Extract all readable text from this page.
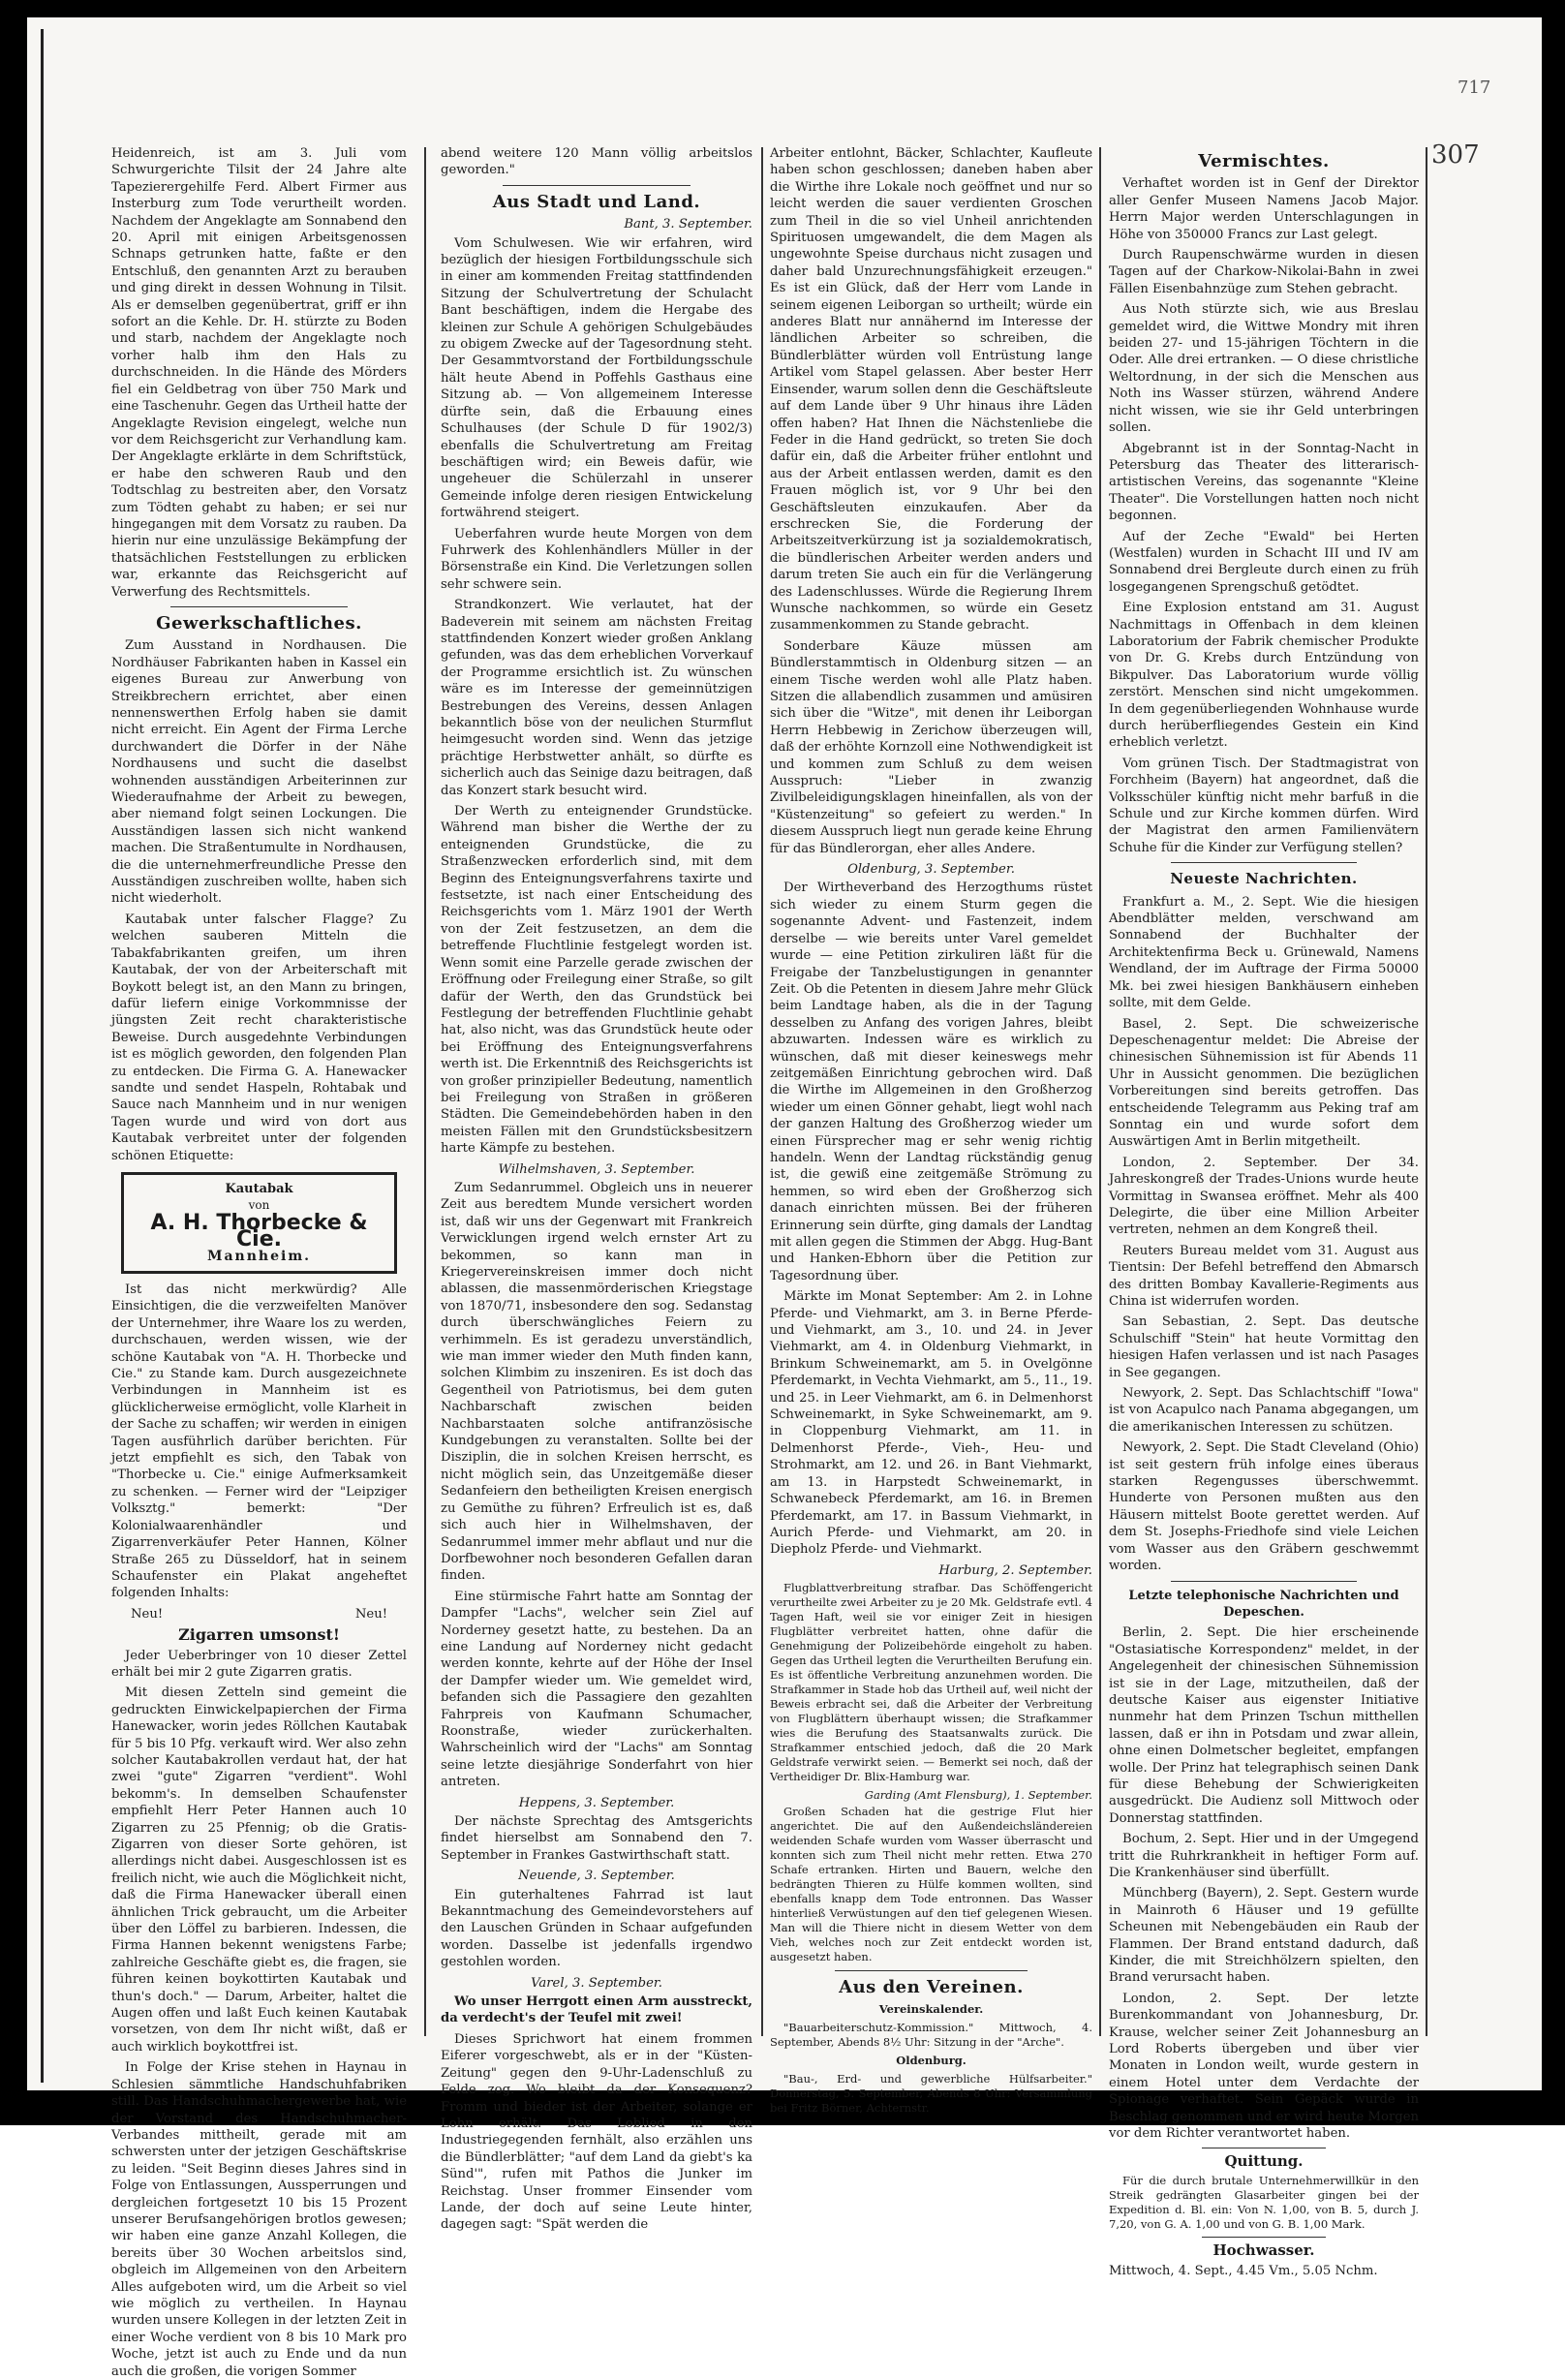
717
307

Heidenreich, ist am 3. Juli vom Schwurgerichte Tilsit der 24 Jahre alte Tapezierergehilfe Ferd. Albert Firmer aus Insterburg zum Tode verurtheilt worden. Nachdem der Angeklagte am Sonnabend den 20. April mit einigen Arbeitsgenossen Schnaps getrunken hatte, faßte er den Entschluß, den genannten Arzt zu berauben und ging direkt in dessen Wohnung in Tilsit. Als er demselben gegenübertrat, griff er ihn sofort an die Kehle. Dr. H. stürzte zu Boden und starb, nachdem der Angeklagte noch vorher halb ihm den Hals zu durchschneiden. In die Hände des Mörders fiel ein Geldbetrag von über 750 Mark und eine Taschenuhr. Gegen das Urtheil hatte der Angeklagte Revision eingelegt, welche nun vor dem Reichsgericht zur Verhandlung kam. Der Angeklagte erklärte in dem Schriftstück, er habe den schweren Raub und den Todtschlag zu bestreiten aber, den Vorsatz zum Tödten gehabt zu haben; er sei nur hingegangen mit dem Vorsatz zu rauben. Da hierin nur eine unzulässige Bekämpfung der thatsächlichen Feststellungen zu erblicken war, erkannte das Reichsgericht auf Verwerfung des Rechtsmittels.

Gewerkschaftliches.

Zum Ausstand in Nordhausen. Die Nordhäuser Fabrikanten haben in Kassel ein eigenes Bureau zur Anwerbung von Streikbrechern errichtet, aber einen nennenswerthen Erfolg haben sie damit nicht erreicht. Ein Agent der Firma Lerche durchwandert die Dörfer in der Nähe Nordhausens und sucht die daselbst wohnenden ausständigen Arbeiterinnen zur Wiederaufnahme der Arbeit zu bewegen, aber niemand folgt seinen Lockungen. Die Ausständigen lassen sich nicht wankend machen. Die Straßentumulte in Nordhausen, die die unternehmerfreundliche Presse den Ausständigen zuschreiben wollte, haben sich nicht wiederholt.

Kautabak unter falscher Flagge? Zu welchen sauberen Mitteln die Tabakfabrikanten greifen, um ihren Kautabak, der von der Arbeiterschaft mit Boykott belegt ist, an den Mann zu bringen, dafür liefern einige Vorkommnisse der jüngsten Zeit recht charakteristische Beweise. Durch ausgedehnte Verbindungen ist es möglich geworden, den folgenden Plan zu entdecken. Die Firma G. A. Hanewacker sandte und sendet Haspeln, Rohtabak und Sauce nach Mannheim und in nur wenigen Tagen wurde und wird von dort aus Kautabak verbreitet unter der folgenden schönen Etiquette:

Kautabak
von
A. H. Thorbecke & Cie.
Mannheim.

Ist das nicht merkwürdig? Alle Einsichtigen, die die verzweifelten Manöver der Unternehmer, ihre Waare los zu werden, durchschauen, werden wissen, wie der schöne Kautabak von "A. H. Thorbecke und Cie." zu Stande kam. Durch ausgezeichnete Verbindungen in Mannheim ist es glücklicherweise ermöglicht, volle Klarheit in der Sache zu schaffen; wir werden in einigen Tagen ausführlich darüber berichten. Für jetzt empfiehlt es sich, den Tabak von "Thorbecke u. Cie." einige Aufmerksamkeit zu schenken. — Ferner wird der "Leipziger Volksztg." bemerkt: "Der Kolonialwaarenhändler und Zigarrenverkäufer Peter Hannen, Kölner Straße 265 zu Düsseldorf, hat in seinem Schaufenster ein Plakat angeheftet folgenden Inhalts:

Neu!	Neu!
Zigarren umsonst!

Jeder Ueberbringer von 10 dieser Zettel erhält bei mir 2 gute Zigarren gratis.

Mit diesen Zetteln sind gemeint die gedruckten Einwickelpapierchen der Firma Hanewacker, worin jedes Röllchen Kautabak für 5 bis 10 Pfg. verkauft wird. Wer also zehn solcher Kautabakrollen verdaut hat, der hat zwei "gute" Zigarren "verdient". Wohl bekomm's. In demselben Schaufenster empfiehlt Herr Peter Hannen auch 10 Zigarren zu 25 Pfennig; ob die Gratis-Zigarren von dieser Sorte gehören, ist allerdings nicht dabei. Ausgeschlossen ist es freilich nicht, wie auch die Möglichkeit nicht, daß die Firma Hanewacker überall einen ähnlichen Trick gebraucht, um die Arbeiter über den Löffel zu barbieren. Indessen, die Firma Hannen bekennt wenigstens Farbe; zahlreiche Geschäfte giebt es, die fragen, sie führen keinen boykottirten Kautabak und thun's doch." — Darum, Arbeiter, haltet die Augen offen und laßt Euch keinen Kautabak vorsetzen, von dem Ihr nicht wißt, daß er auch wirklich boykottfrei ist.

In Folge der Krise stehen in Haynau in Schlesien sämmtliche Handschuhfabriken still. Das Handschuhmachergewerbe hat, wie der Vorstand des Handschuhmacher-Verbandes mittheilt, gerade mit am schwersten unter der jetzigen Geschäftskrise zu leiden. "Seit Beginn dieses Jahres sind in Folge von Entlassungen, Aussperrungen und dergleichen fortgesetzt 10 bis 15 Prozent unserer Berufsangehörigen brotlos gewesen; wir haben eine ganze Anzahl Kollegen, die bereits über 30 Wochen arbeitslos sind, obgleich im Allgemeinen von den Arbeitern Alles aufgeboten wird, um die Arbeit so viel wie möglich zu vertheilen. In Haynau wurden unsere Kollegen in der letzten Zeit in einer Woche verdient von 8 bis 10 Mark pro Woche, jetzt ist auch zu Ende und da nun auch die großen, die vorigen Sommer

abend weitere 120 Mann völlig arbeitslos geworden."

Aus Stadt und Land.
Bant, 3. September.

Vom Schulwesen. Wie wir erfahren, wird bezüglich der hiesigen Fortbildungsschule sich in einer am kommenden Freitag stattfindenden Sitzung der Schulvertretung der Schulacht Bant beschäftigen, indem die Hergabe des kleinen zur Schule A gehörigen Schulgebäudes zu obigem Zwecke auf der Tagesordnung steht. Der Gesammtvorstand der Fortbildungsschule hält heute Abend in Poffehls Gasthaus eine Sitzung ab. — Von allgemeinem Interesse dürfte sein, daß die Erbauung eines Schulhauses (der Schule D für 1902/3) ebenfalls die Schulvertretung am Freitag beschäftigen wird; ein Beweis dafür, wie ungeheuer die Schülerzahl in unserer Gemeinde infolge deren riesigen Entwickelung fortwährend steigert.

Ueberfahren wurde heute Morgen von dem Fuhrwerk des Kohlenhändlers Müller in der Börsenstraße ein Kind. Die Verletzungen sollen sehr schwere sein.

Strandkonzert. Wie verlautet, hat der Badeverein mit seinem am nächsten Freitag stattfindenden Konzert wieder großen Anklang gefunden, was das dem erheblichen Vorverkauf der Programme ersichtlich ist. Zu wünschen wäre es im Interesse der gemeinnützigen Bestrebungen des Vereins, dessen Anlagen bekanntlich böse von der neulichen Sturmflut heimgesucht worden sind. Wenn das jetzige prächtige Herbstwetter anhält, so dürfte es sicherlich auch das Seinige dazu beitragen, daß das Konzert stark besucht wird.

Der Werth zu enteignender Grundstücke. Während man bisher die Werthe der zu enteignenden Grundstücke, die zu Straßenzwecken erforderlich sind, mit dem Beginn des Enteignungsverfahrens taxirte und festsetzte, ist nach einer Entscheidung des Reichsgerichts vom 1. März 1901 der Werth von der Zeit festzusetzen, an dem die betreffende Fluchtlinie festgelegt worden ist. Wenn somit eine Parzelle gerade zwischen der Eröffnung oder Freilegung einer Straße, so gilt dafür der Werth, den das Grundstück bei Festlegung der betreffenden Fluchtlinie gehabt hat, also nicht, was das Grundstück heute oder bei Eröffnung des Enteignungsverfahrens werth ist. Die Erkenntniß des Reichsgerichts ist von großer prinzipieller Bedeutung, namentlich bei Freilegung von Straßen in größeren Städten. Die Gemeindebehörden haben in den meisten Fällen mit den Grundstücksbesitzern harte Kämpfe zu bestehen.

Wilhelmshaven, 3. September.

Zum Sedanrummel. Obgleich uns in neuerer Zeit aus beredtem Munde versichert worden ist, daß wir uns der Gegenwart mit Frankreich Verwicklungen irgend welch ernster Art zu bekommen, so kann man in Kriegervereinskreisen immer doch nicht ablassen, die massenmörderischen Kriegstage von 1870/71, insbesondere den sog. Sedanstag durch überschwängliches Feiern zu verhimmeln. Es ist geradezu unverständlich, wie man immer wieder den Muth finden kann, solchen Klimbim zu inszeniren. Es ist doch das Gegentheil von Patriotismus, bei dem guten Nachbarschaft zwischen beiden Nachbarstaaten solche antifranzösische Kundgebungen zu veranstalten. Sollte bei der Disziplin, die in solchen Kreisen herrscht, es nicht möglich sein, das Unzeitgemäße dieser Sedanfeiern den betheiligten Kreisen energisch zu Gemüthe zu führen? Erfreulich ist es, daß sich auch hier in Wilhelmshaven, der Sedanrummel immer mehr abflaut und nur die Dorfbewohner noch besonderen Gefallen daran finden.

Eine stürmische Fahrt hatte am Sonntag der Dampfer "Lachs", welcher sein Ziel auf Norderney gesetzt hatte, zu bestehen. Da an eine Landung auf Norderney nicht gedacht werden konnte, kehrte auf der Höhe der Insel der Dampfer wieder um. Wie gemeldet wird, befanden sich die Passagiere den gezahlten Fahrpreis von Kaufmann Schumacher, Roonstraße, wieder zurückerhalten. Wahrscheinlich wird der "Lachs" am Sonntag seine letzte diesjährige Sonderfahrt von hier antreten.

Heppens, 3. September.

Der nächste Sprechtag des Amtsgerichts findet hierselbst am Sonnabend den 7. September in Frankes Gastwirthschaft statt.

Neuende, 3. September.

Ein guterhaltenes Fahrrad ist laut Bekanntmachung des Gemeindevorstehers auf den Lauschen Gründen in Schaar aufgefunden worden. Dasselbe ist jedenfalls irgendwo gestohlen worden.

Varel, 3. September.

Wo unser Herrgott einen Arm ausstreckt, da verdecht's der Teufel mit zwei!

Dieses Sprichwort hat einem frommen Eiferer vorgeschwebt, als er in der "Küsten-Zeitung" gegen den 9-Uhr-Ladenschluß zu Felde zog. Wo bleibt da der Konsequenz? Fromm und bieder ist der Arbeiter, solange er Lohn erhält. Das Loblied in den Industriegegenden fernhält, also erzählen uns die Bündlerblätter; "auf dem Land da giebt's ka Sünd'", rufen mit Pathos die Junker im Reichstag. Unser frommer Einsender vom Lande, der doch auf seine Leute hinter, dagegen sagt: "Spät werden die

Arbeiter entlohnt, Bäcker, Schlachter, Kaufleute haben schon geschlossen; daneben haben aber die Wirthe ihre Lokale noch geöffnet und nur so leicht werden die sauer verdienten Groschen zum Theil in die so viel Unheil anrichtenden Spirituosen umgewandelt, die dem Magen als ungewohnte Speise durchaus nicht zusagen und daher bald Unzurechnungsfähigkeit erzeugen." Es ist ein Glück, daß der Herr vom Lande in seinem eigenen Leiborgan so urtheilt; würde ein anderes Blatt nur annähernd im Interesse der ländlichen Arbeiter so schreiben, die Bündlerblätter würden voll Entrüstung lange Artikel vom Stapel gelassen. Aber bester Herr Einsender, warum sollen denn die Geschäftsleute auf dem Lande über 9 Uhr hinaus ihre Läden offen haben? Hat Ihnen die Nächstenliebe die Feder in die Hand gedrückt, so treten Sie doch dafür ein, daß die Arbeiter früher entlohnt und aus der Arbeit entlassen werden, damit es den Frauen möglich ist, vor 9 Uhr bei den Geschäftsleuten einzukaufen. Aber da erschrecken Sie, die Forderung der Arbeitszeitverkürzung ist ja sozialdemokratisch, die bündlerischen Arbeiter werden anders und darum treten Sie auch ein für die Verlängerung des Ladenschlusses. Würde die Regierung Ihrem Wunsche nachkommen, so würde ein Gesetz zusammenkommen zu Stande gebracht.

Sonderbare Käuze müssen am Bündlerstammtisch in Oldenburg sitzen — an einem Tische werden wohl alle Platz haben. Sitzen die allabendlich zusammen und amüsiren sich über die "Witze", mit denen ihr Leiborgan Herrn Hebbewig in Zerichow überzeugen will, daß der erhöhte Kornzoll eine Nothwendigkeit ist und kommen zum Schluß zu dem weisen Ausspruch: "Lieber in zwanzig Zivilbeleidigungsklagen hineinfallen, als von der "Küstenzeitung" so gefeiert zu werden." In diesem Ausspruch liegt nun gerade keine Ehrung für das Bündlerorgan, eher alles Andere.

Oldenburg, 3. September.

Der Wirtheverband des Herzogthums rüstet sich wieder zu einem Sturm gegen die sogenannte Advent- und Fastenzeit, indem derselbe — wie bereits unter Varel gemeldet wurde — eine Petition zirkuliren läßt für die Freigabe der Tanzbelustigungen in genannter Zeit. Ob die Petenten in diesem Jahre mehr Glück beim Landtage haben, als die in der Tagung desselben zu Anfang des vorigen Jahres, bleibt abzuwarten. Indessen wäre es wirklich zu wünschen, daß mit dieser keineswegs mehr zeitgemäßen Einrichtung gebrochen wird. Daß die Wirthe im Allgemeinen in den Großherzog wieder um einen Gönner gehabt, liegt wohl nach der ganzen Haltung des Großherzog wieder um einen Fürsprecher mag er sehr wenig richtig handeln. Wenn der Landtag rückständig genug ist, die gewiß eine zeitgemäße Strömung zu hemmen, so wird eben der Großherzog sich danach einrichten müssen. Bei der früheren Erinnerung sein dürfte, ging damals der Landtag mit allen gegen die Stimmen der Abgg. Hug-Bant und Hanken-Ebhorn über die Petition zur Tagesordnung über.

Märkte im Monat September: Am 2. in Lohne Pferde- und Viehmarkt, am 3. in Berne Pferde- und Viehmarkt, am 3., 10. und 24. in Jever Viehmarkt, am 4. in Oldenburg Viehmarkt, in Brinkum Schweinemarkt, am 5. in Ovelgönne Pferdemarkt, in Vechta Viehmarkt, am 5., 11., 19. und 25. in Leer Viehmarkt, am 6. in Delmenhorst Schweinemarkt, in Syke Schweinemarkt, am 9. in Cloppenburg Viehmarkt, am 11. in Delmenhorst Pferde-, Vieh-, Heu- und Strohmarkt, am 12. und 26. in Bant Viehmarkt, am 13. in Harpstedt Schweinemarkt, in Schwanebeck Pferdemarkt, am 16. in Bremen Pferdemarkt, am 17. in Bassum Viehmarkt, in Aurich Pferde- und Viehmarkt, am 20. in Diepholz Pferde- und Viehmarkt.

Harburg, 2. September.

Flugblattverbreitung strafbar. Das Schöffengericht verurtheilte zwei Arbeiter zu je 20 Mk. Geldstrafe evtl. 4 Tagen Haft, weil sie vor einiger Zeit in hiesigen Flugblätter verbreitet hatten, ohne dafür die Genehmigung der Polizeibehörde eingeholt zu haben. Gegen das Urtheil legten die Verurtheilten Berufung ein. Es ist öffentliche Verbreitung anzunehmen worden. Die Strafkammer in Stade hob das Urtheil auf, weil nicht der Beweis erbracht sei, daß die Arbeiter der Verbreitung von Flugblättern überhaupt wissen; die Strafkammer wies die Berufung des Staatsanwalts zurück. Die Strafkammer entschied jedoch, daß die 20 Mark Geldstrafe verwirkt seien. — Bemerkt sei noch, daß der Vertheidiger Dr. Blix-Hamburg war.

Garding (Amt Flensburg), 1. September.

Großen Schaden hat die gestrige Flut hier angerichtet. Die auf den Außendeichsländereien weidenden Schafe wurden vom Wasser überrascht und konnten sich zum Theil nicht mehr retten. Etwa 270 Schafe ertranken. Hirten und Bauern, welche den bedrängten Thieren zu Hülfe kommen wollten, sind ebenfalls knapp dem Tode entronnen. Das Wasser hinterließ Verwüstungen auf den tief gelegenen Wiesen. Man will die Thiere nicht in diesem Wetter von dem Vieh, welches noch zur Zeit entdeckt worden ist, ausgesetzt haben.

Aus den Vereinen.
Vereinskalender.

"Bauarbeiterschutz-Kommission." Mittwoch, 4. September, Abends 8½ Uhr: Sitzung in der "Arche".

Oldenburg.

"Bau-, Erd- und gewerbliche Hülfsarbeiter." Donnerstag, 5. September, Abends 8 Uhr: Versammlung bei Fritz Börner, Achternstr.

Vermischtes.

Verhaftet worden ist in Genf der Direktor aller Genfer Museen Namens Jacob Major. Herrn Major werden Unterschlagungen in Höhe von 350000 Francs zur Last gelegt.

Durch Raupenschwärme wurden in diesen Tagen auf der Charkow-Nikolai-Bahn in zwei Fällen Eisenbahnzüge zum Stehen gebracht.

Aus Noth stürzte sich, wie aus Breslau gemeldet wird, die Wittwe Mondry mit ihren beiden 27- und 15-jährigen Töchtern in die Oder. Alle drei ertranken. — O diese christliche Weltordnung, in der sich die Menschen aus Noth ins Wasser stürzen, während Andere nicht wissen, wie sie ihr Geld unterbringen sollen.

Abgebrannt ist in der Sonntag-Nacht in Petersburg das Theater des litterarisch-artistischen Vereins, das sogenannte "Kleine Theater". Die Vorstellungen hatten noch nicht begonnen.

Auf der Zeche "Ewald" bei Herten (Westfalen) wurden in Schacht III und IV am Sonnabend drei Bergleute durch einen zu früh losgegangenen Sprengschuß getödtet.

Eine Explosion entstand am 31. August Nachmittags in Offenbach in dem kleinen Laboratorium der Fabrik chemischer Produkte von Dr. G. Krebs durch Entzündung von Bikpulver. Das Laboratorium wurde völlig zerstört. Menschen sind nicht umgekommen. In dem gegenüberliegenden Wohnhause wurde durch herüberfliegendes Gestein ein Kind erheblich verletzt.

Vom grünen Tisch. Der Stadtmagistrat von Forchheim (Bayern) hat angeordnet, daß die Volksschüler künftig nicht mehr barfuß in die Schule und zur Kirche kommen dürfen. Wird der Magistrat den armen Familienvätern Schuhe für die Kinder zur Verfügung stellen?

Neueste Nachrichten.

Frankfurt a. M., 2. Sept. Wie die hiesigen Abendblätter melden, verschwand am Sonnabend der Buchhalter der Architektenfirma Beck u. Grünewald, Namens Wendland, der im Auftrage der Firma 50000 Mk. bei zwei hiesigen Bankhäusern einheben sollte, mit dem Gelde.

Basel, 2. Sept. Die schweizerische Depeschenagentur meldet: Die Abreise der chinesischen Sühnemission ist für Abends 11 Uhr in Aussicht genommen. Die bezüglichen Vorbereitungen sind bereits getroffen. Das entscheidende Telegramm aus Peking traf am Sonntag ein und wurde sofort dem Auswärtigen Amt in Berlin mitgetheilt.

London, 2. September. Der 34. Jahreskongreß der Trades-Unions wurde heute Vormittag in Swansea eröffnet. Mehr als 400 Delegirte, die über eine Million Arbeiter vertreten, nehmen an dem Kongreß theil.

Reuters Bureau meldet vom 31. August aus Tientsin: Der Befehl betreffend den Abmarsch des dritten Bombay Kavallerie-Regiments aus China ist widerrufen worden.

San Sebastian, 2. Sept. Das deutsche Schulschiff "Stein" hat heute Vormittag den hiesigen Hafen verlassen und ist nach Pasages in See gegangen.

Newyork, 2. Sept. Das Schlachtschiff "Iowa" ist von Acapulco nach Panama abgegangen, um die amerikanischen Interessen zu schützen.

Newyork, 2. Sept. Die Stadt Cleveland (Ohio) ist seit gestern früh infolge eines überaus starken Regengusses überschwemmt. Hunderte von Personen mußten aus den Häusern mittelst Boote gerettet werden. Auf dem St. Josephs-Friedhofe sind viele Leichen vom Wasser aus den Gräbern geschwemmt worden.

Letzte telephonische Nachrichten und Depeschen.

Berlin, 2. Sept. Die hier erscheinende "Ostasiatische Korrespondenz" meldet, in der Angelegenheit der chinesischen Sühnemission ist sie in der Lage, mitzutheilen, daß der deutsche Kaiser aus eigenster Initiative nunmehr hat dem Prinzen Tschun mitthellen lassen, daß er ihn in Potsdam und zwar allein, ohne einen Dolmetscher begleitet, empfangen wolle. Der Prinz hat telegraphisch seinen Dank für diese Behebung der Schwierigkeiten ausgedrückt. Die Audienz soll Mittwoch oder Donnerstag stattfinden.

Bochum, 2. Sept. Hier und in der Umgegend tritt die Ruhrkrankheit in heftiger Form auf. Die Krankenhäuser sind überfüllt.

Münchberg (Bayern), 2. Sept. Gestern wurde in Mainroth 6 Häuser und 19 gefüllte Scheunen mit Nebengebäuden ein Raub der Flammen. Der Brand entstand dadurch, daß Kinder, die mit Streichhölzern spielten, den Brand verursacht haben.

London, 2. Sept. Der letzte Burenkommandant von Johannesburg, Dr. Krause, welcher seiner Zeit Johannesburg an Lord Roberts übergeben und über vier Monaten in London weilt, wurde gestern in einem Hotel unter dem Verdachte der Spionage verhaftet. Sein Gepäck wurde in Beschlag genommen und er wird heute Morgen vor dem Richter verantwortet haben.

Quittung.

Für die durch brutale Unternehmerwillkür in den Streik gedrängten Glasarbeiter gingen bei der Expedition d. Bl. ein: Von N. 1,00, von B. 5, durch J. 7,20, von G. A. 1,00 und von G. B. 1,00 Mark.

Hochwasser.

Mittwoch, 4. Sept., 4.45 Vm., 5.05 Nchm.
